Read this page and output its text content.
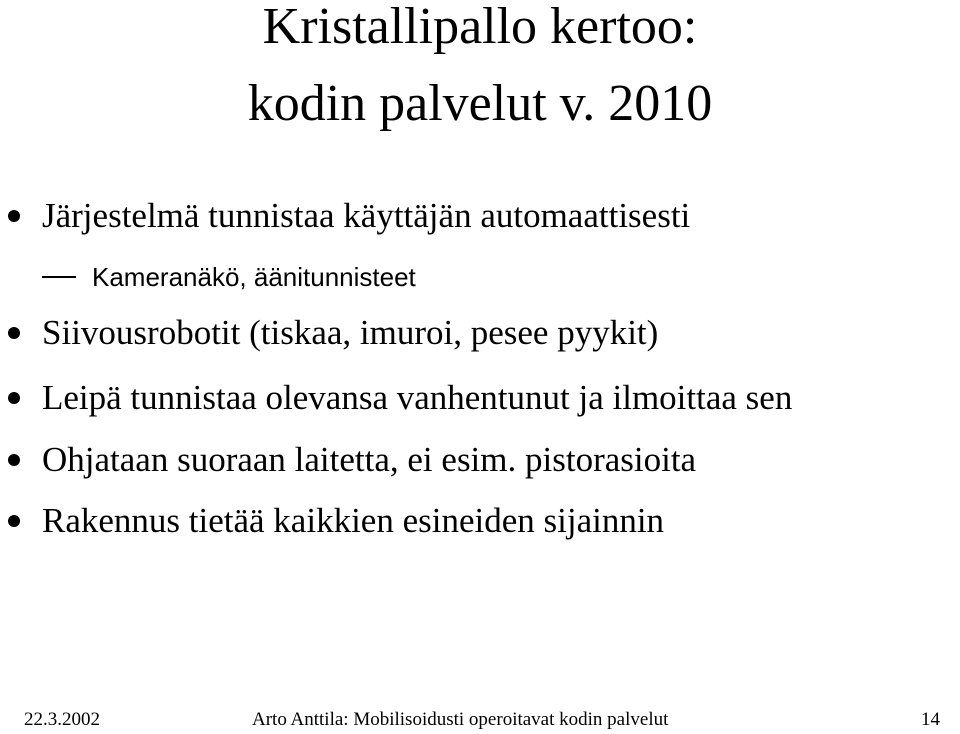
Kristallipallo kertoo:
kodin palvelut v. 2010
Järjestelmä tunnistaa käyttäjän automaattisesti
Kameranäkö, äänitunnisteet
Siivousrobotit (tiskaa, imuroi, pesee pyykit)
Leipä tunnistaa olevansa vanhentunut ja ilmoittaa sen
Ohjataan suoraan laitetta, ei esim. pistorasioita
Rakennus tietää kaikkien esineiden sijainnin
22.3.2002	Arto Anttila: Mobilisoidusti operoitavat kodin palvelut	14
